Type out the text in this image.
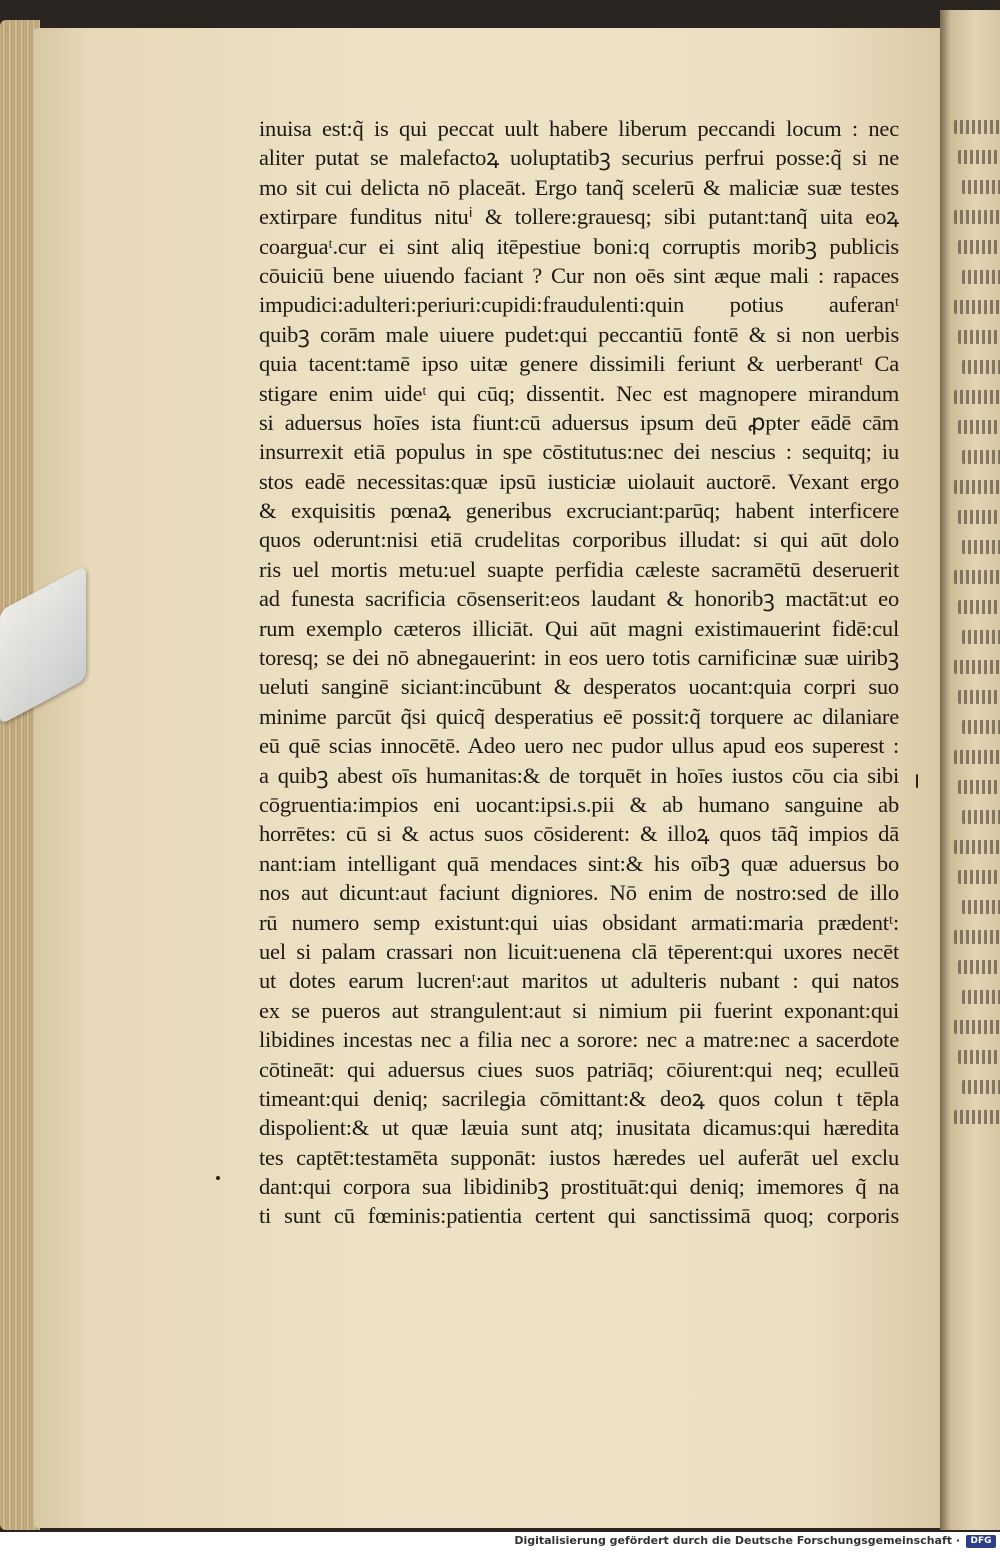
inuisa est:q̃ is qui peccat uult habere liberum peccandi locum : nec
aliter putat se malefactoꝝ uoluptatibꝫ securius perfrui posse:q̃ si ne
mo sit cui delicta nō placeāt. Ergo tanq̃ scelerū & maliciæ suæ testes
extirpare funditus nituⁱ & tollere:grauesq; sibi putant:tanq̃ uita eoꝝ
coarguaᵗ.cur ei sint aliq itēpestiue boni:q corruptis moribꝫ publicis
cōuiciū bene uiuendo faciant ? Cur non oēs sint æque mali : rapaces
impudici:adulteri:periuri:cupidi:fraudulenti:quin potius auferanᵗ
quibꝫ corām male uiuere pudet:qui peccantiū fontē & si non uerbis
quia tacent:tamē ipso uitæ genere dissimili feriunt & uerberantᵗ Ca
stigare enim uideᵗ qui cūq; dissentit. Nec est magnopere mirandum
si aduersus hoīes ista fiunt:cū aduersus ipsum deū ꝓpter eādē cām
insurrexit etiā populus in spe cōstitutus:nec dei nescius : sequitq; iu
stos eadē necessitas:quæ ipsū iusticiæ uiolauit auctorē. Vexant ergo
& exquisitis pœnaꝝ generibus excruciant:parūq; habent interficere
quos oderunt:nisi etiā crudelitas corporibus illudat: si qui aūt dolo
ris uel mortis metu:uel suapte perfidia cæleste sacramētū deseruerit
ad funesta sacrificia cōsenserit:eos laudant & honoribꝫ mactāt:ut eo
rum exemplo cæteros illiciāt. Qui aūt magni existimauerint fidē:cul
toresq; se dei nō abnegauerint: in eos uero totis carnificinæ suæ uiribꝫ
ueluti sanginē siciant:incūbunt & desperatos uocant:quia corpri suo
minime parcūt q̃si quicq̃ desperatius eē possit:q̃ torquere ac dilaniare
eū quē scias innocētē. Adeo uero nec pudor ullus apud eos superest :
a quibꝫ abest oīs humanitas:& de torquēt in hoīes iustos cōu cia sibi
cōgruentia:impios eni uocant:ipsi.s.pii & ab humano sanguine ab
horrētes: cū si & actus suos cōsiderent: & illoꝝ quos tāq̃ impios dā
nant:iam intelligant quā mendaces sint:& his oībꝫ quæ aduersus bo
nos aut dicunt:aut faciunt digniores. Nō enim de nostro:sed de illo
rū numero semp existunt:qui uias obsidant armati:maria prædentᵗ:
uel si palam crassari non licuit:uenena clā tēperent:qui uxores necēt
ut dotes earum lucrenᵗ:aut maritos ut adulteris nubant : qui natos
ex se pueros aut strangulent:aut si nimium pii fuerint exponant:qui
libidines incestas nec a filia nec a sorore: nec a matre:nec a sacerdote
cōtineāt: qui aduersus ciues suos patriāq; cōiurent:qui neq; eculleū
timeant:qui deniq; sacrilegia cōmittant:& deoꝝ quos colun t tēpla
dispolient:& ut quæ læuia sunt atq; inusitata dicamus:qui hæredita
tes captēt:testamēta supponāt: iustos hæredes uel auferāt uel exclu
dant:qui corpora sua libidinibꝫ prostituāt:qui deniq; imemores q̃ na
ti sunt cū fœminis:patientia certent qui sanctissimā quoq; corporis
Digitalisierung gefördert durch die Deutsche Forschungsgemeinschaft ·	DFG
